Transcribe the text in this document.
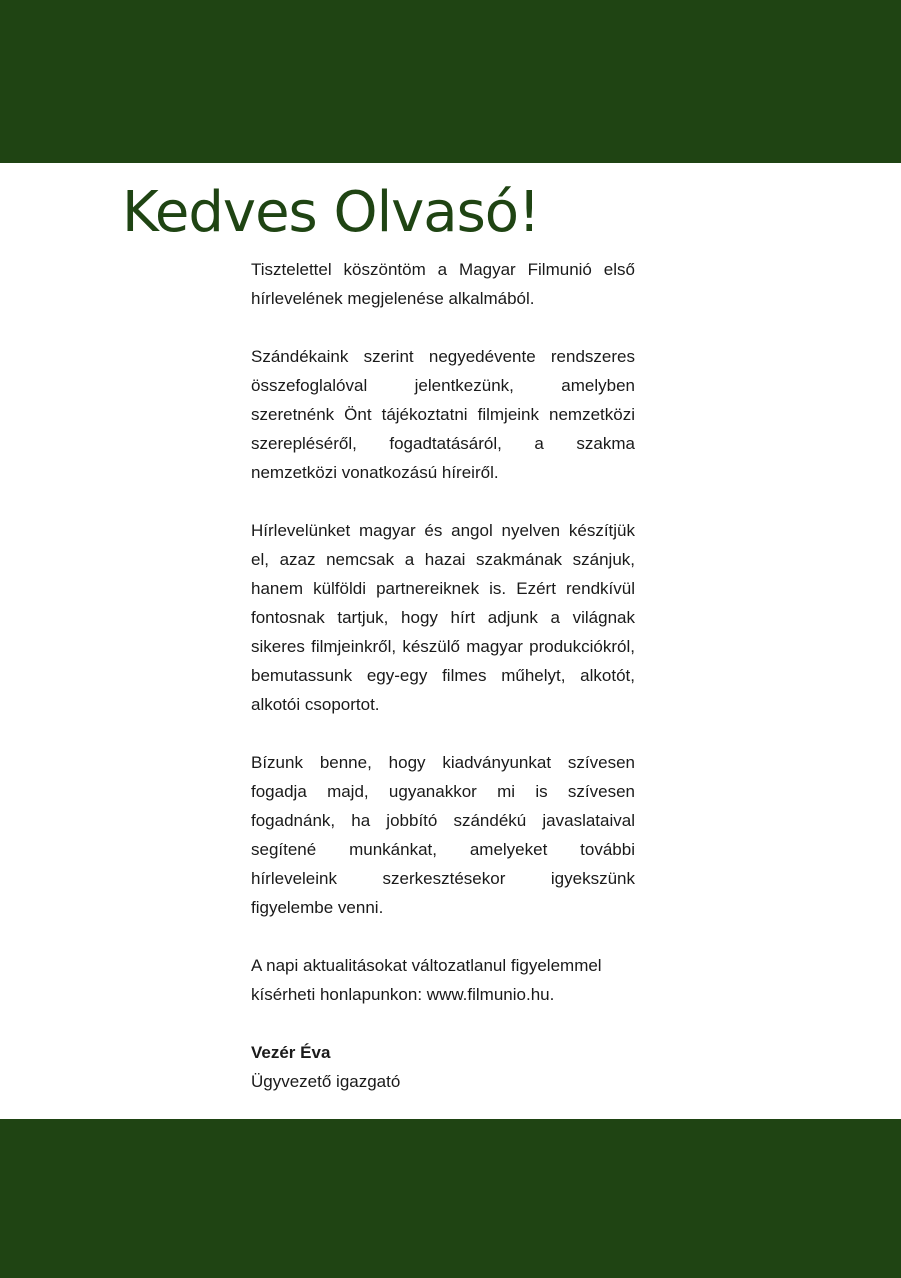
Kedves Olvasó!

Tisztelettel köszöntöm a Magyar Filmunió első hírlevelének megjelenése alkalmából.

Szándékaink szerint negyedévente rendszeres összefoglalóval jelentkezünk, amelyben szeretnénk Önt tájékoztatni filmjeink nemzetközi szerepléséről, fogadtatásáról, a szakma nemzetközi vonatkozású híreiről.

Hírlevelünket magyar és angol nyelven készítjük el, azaz nemcsak a hazai szakmának szánjuk, hanem külföldi partnereiknek is. Ezért rendkívül fontosnak tartjuk, hogy hírt adjunk a világnak sikeres filmjeinkről, készülő magyar produkciókról, bemutassunk egy-egy filmes műhelyt, alkotót, alkotói csoportot.

Bízunk benne, hogy kiadványunkat szívesen fogadja majd, ugyanakkor mi is szívesen fogadnánk, ha jobbító szándékú javaslataival segítené munkánkat, amelyeket további hírleveleink szerkesztésekor igyekszünk figyelembe venni.

A napi aktualitásokat változatlanul figyelemmel kísérheti honlapunkon: www.filmunio.hu.

Vezér Éva

Ügyvezető igazgató
